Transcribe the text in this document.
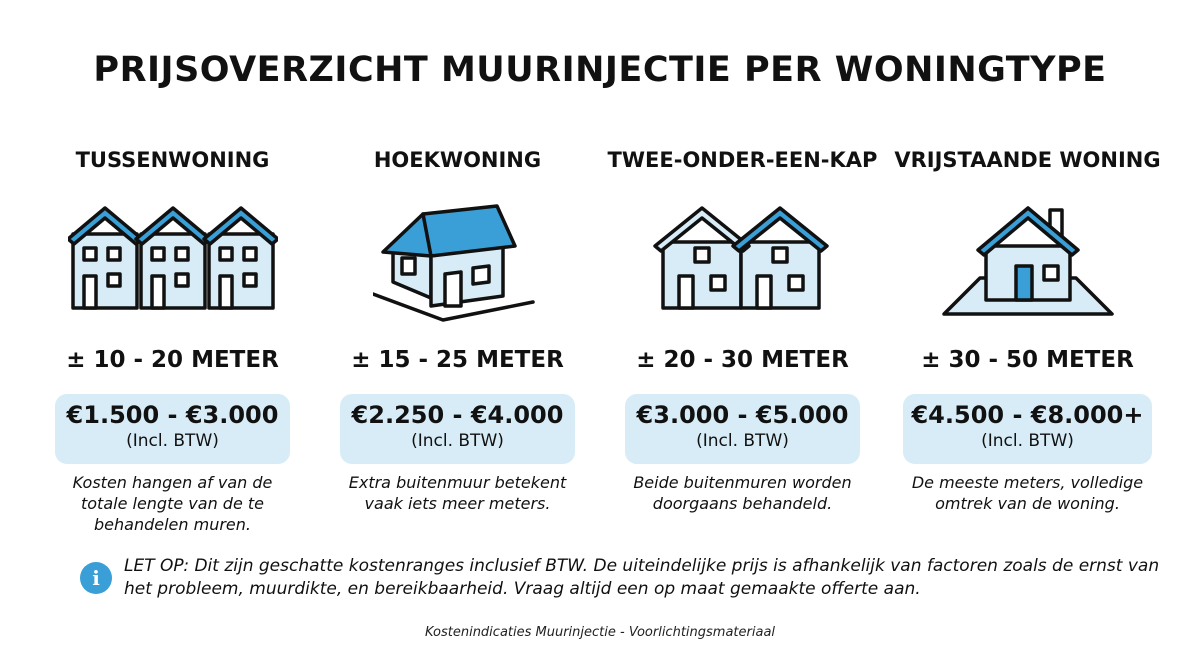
PRIJSOVERZICHT MUURINJECTIE PER WONINGTYPE
TUSSENWONING
± 10 - 20 METER
€1.500 - €3.000
(Incl. BTW)
Kosten hangen af van de totale lengte van de te behandelen muren.
HOEKWONING
± 15 - 25 METER
€2.250 - €4.000
(Incl. BTW)
Extra buitenmuur betekent vaak iets meer meters.
TWEE-ONDER-EEN-KAP
± 20 - 30 METER
€3.000 - €5.000
(Incl. BTW)
Beide buitenmuren worden doorgaans behandeld.
VRIJSTAANDE WONING
± 30 - 50 METER
€4.500 - €8.000+
(Incl. BTW)
De meeste meters, volledige omtrek van de woning.
i	LET OP: Dit zijn geschatte kostenranges inclusief BTW. De uiteindelijke prijs is afhankelijk van factoren zoals de ernst van het probleem, muurdikte, en bereikbaarheid. Vraag altijd een op maat gemaakte offerte aan.
Kostenindicaties Muurinjectie - Voorlichtingsmateriaal
